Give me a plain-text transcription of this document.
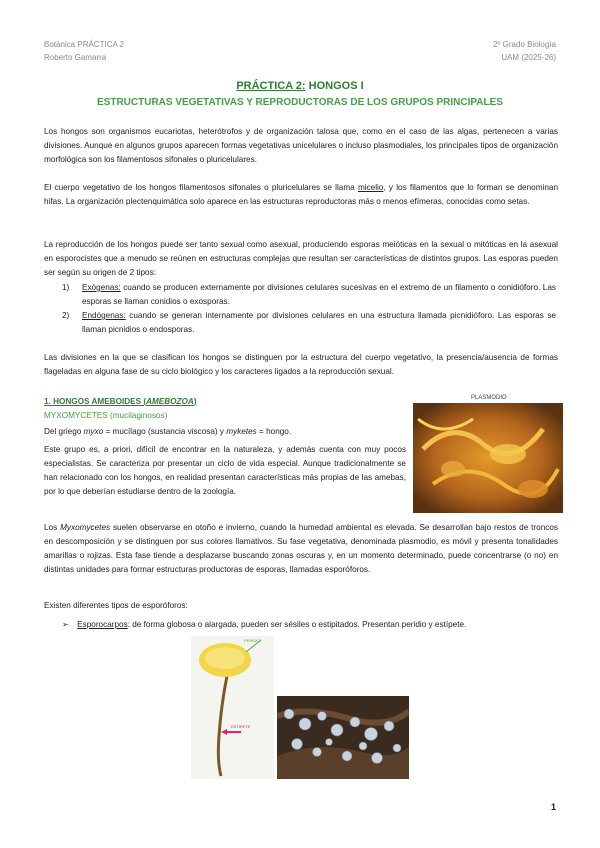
Botánica PRÁCTICA 2
Roberto Gamarra
2º Grado Biología
UAM (2025-26)
PRÁCTICA 2: HONGOS I
ESTRUCTURAS VEGETATIVAS Y REPRODUCTORAS DE LOS GRUPOS PRINCIPALES
Los hongos son organismos eucariotas, heterótrofos y de organización talosa que, como en el caso de las algas, pertenecen a varias divisiones. Aunque en algunos grupos aparecen formas vegetativas unicelulares o incluso plasmodiales, los principales tipos de organización morfológica son los filamentosos sifonales o pluricelulares.
El cuerpo vegetativo de los hongos filamentosos sifonales o pluricelulares se llama micelio, y los filamentos que lo forman se denominan hifas. La organización plectenquimática solo aparece en las estructuras reproductoras más o menos efímeras, conocidas como setas.
La reproducción de los hongos puede ser tanto sexual como asexual, produciendo esporas meióticas en la sexual o mitóticas en la asexual en esporocistes que a menudo se reúnen en estructuras complejas que resultan ser características de distintos grupos. Las esporas pueden ser según su origen de 2 tipos:
1) Exógenas: cuando se producen externamente por divisiones celulares sucesivas en el extremo de un filamento o conidióforo. Las esporas se llaman conidios o exosporas.
2) Endógenas: cuando se generan internamente por divisiones celulares en una estructura llamada picnidióforo. Las esporas se llaman picnidios o endosporas.
Las divisiones en la que se clasifican los hongos se distinguen por la estructura del cuerpo vegetativo, la presencia/ausencia de formas flageladas en alguna fase de su ciclo biológico y los caracteres ligados a la reproducción sexual.
1. HONGOS AMEBOIDES (AMEBOZOA)
MYXOMYCETES (mucilaginosos)
Del griego myxo = mucílago (sustancia viscosa) y myketes = hongo.
Este grupo es, a priori, difícil de encontrar en la naturaleza, y además cuenta con muy pocos especialistas. Se caracteriza por presentar un ciclo de vida especial. Aunque tradicionalmente se han relacionado con los hongos, en realidad presentan características más propias de las amebas, por lo que deberían estudiarse dentro de la zoología.
PLASMODIO
Los Myxomycetes suelen observarse en otoño e invierno, cuando la humedad ambiental es elevada. Se desarrollan bajo restos de troncos en descomposición y se distinguen por sus colores llamativos. Su fase vegetativa, denominada plasmodio, es móvil y presenta tonalidades amarillas o rojizas. Esta fase tiende a desplazarse buscando zonas oscuras y, en un momento determinado, puede concentrarse (o no) en distintas unidades para formar estructuras productoras de esporas, llamadas esporóforos.
Existen diferentes tipos de esporóforos:
➢ Esporocarpos: de forma globosa o alargada, pueden ser sésiles o estipitados. Presentan peridio y estípete.
PERIDIO
ESTÍPETE
1
